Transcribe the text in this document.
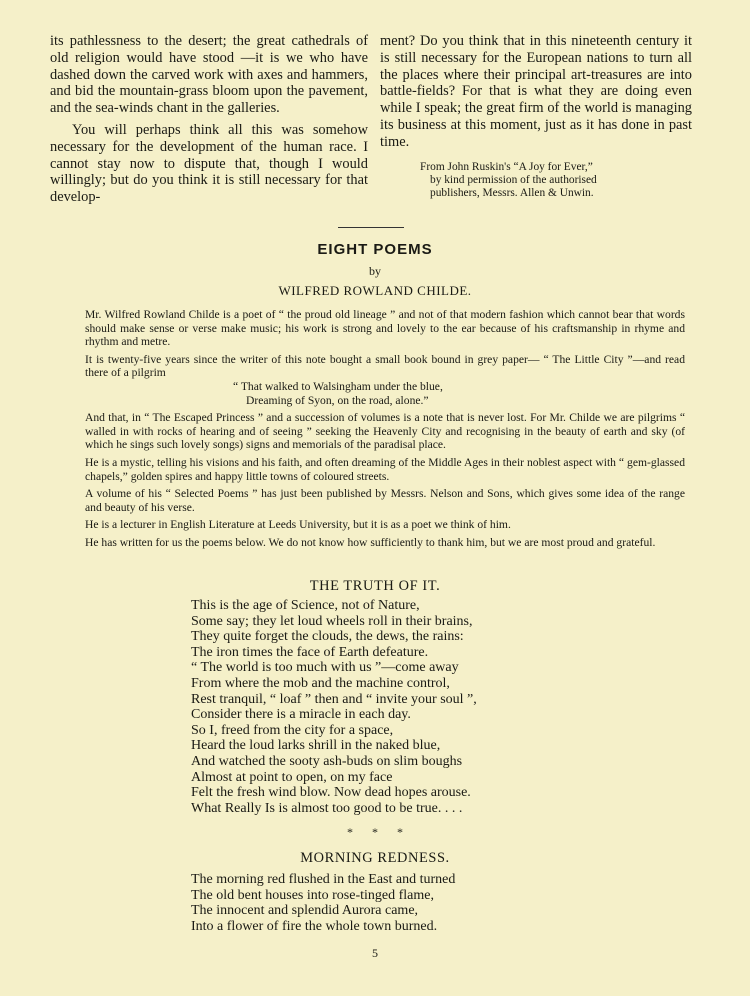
its pathlessness to the desert; the great cathedrals of old religion would have stood —it is we who have dashed down the carved work with axes and hammers, and bid the mountain-grass bloom upon the pavement, and the sea-winds chant in the galleries.

You will perhaps think all this was somehow necessary for the development of the human race. I cannot stay now to dispute that, though I would willingly; but do you think it is still necessary for that develop-

ment? Do you think that in this nineteenth century it is still necessary for the European nations to turn all the places where their principal art-treasures are into battle-fields? For that is what they are doing even while I speak; the great firm of the world is managing its business at this moment, just as it has done in past time.

From John Ruskin's “A Joy for Ever,”
by kind permission of the authorised
publishers, Messrs. Allen & Unwin.
EIGHT POEMS
by
WILFRED ROWLAND CHILDE.

Mr. Wilfred Rowland Childe is a poet of “ the proud old lineage ” and not of that modern fashion which cannot bear that words should make sense or verse make music; his work is strong and lovely to the ear because of his craftsmanship in rhyme and rhythm and metre.

It is twenty-five years since the writer of this note bought a small book bound in grey paper— “ The Little City ”—and read there of a pilgrim

“ That walked to Walsingham under the blue,
Dreaming of Syon, on the road, alone.”

And that, in “ The Escaped Princess ” and a succession of volumes is a note that is never lost. For Mr. Childe we are pilgrims “ walled in with rocks of hearing and of seeing ” seeking the Heavenly City and recognising in the beauty of earth and sky (of which he sings such lovely songs) signs and memorials of the paradisal place.

He is a mystic, telling his visions and his faith, and often dreaming of the Middle Ages in their noblest aspect with “ gem-glassed chapels,” golden spires and happy little towns of coloured streets.

A volume of his “ Selected Poems ” has just been published by Messrs. Nelson and Sons, which gives some idea of the range and beauty of his verse.

He is a lecturer in English Literature at Leeds University, but it is as a poet we think of him.

He has written for us the poems below. We do not know how sufficiently to thank him, but we are most proud and grateful.

THE TRUTH OF IT.
This is the age of Science, not of Nature,
Some say; they let loud wheels roll in their brains,
They quite forget the clouds, the dews, the rains:
The iron times the face of Earth defeature.
“ The world is too much with us ”—come away
From where the mob and the machine control,
Rest tranquil, “ loaf ” then and “ invite your soul ”,
Consider there is a miracle in each day.
So I, freed from the city for a space,
Heard the loud larks shrill in the naked blue,
And watched the sooty ash-buds on slim boughs
Almost at point to open, on my face
Felt the fresh wind blow. Now dead hopes arouse.
What Really Is is almost too good to be true. . . .
* * *
MORNING REDNESS.
The morning red flushed in the East and turned
The old bent houses into rose-tinged flame,
The innocent and splendid Aurora came,
Into a flower of fire the whole town burned.
5
